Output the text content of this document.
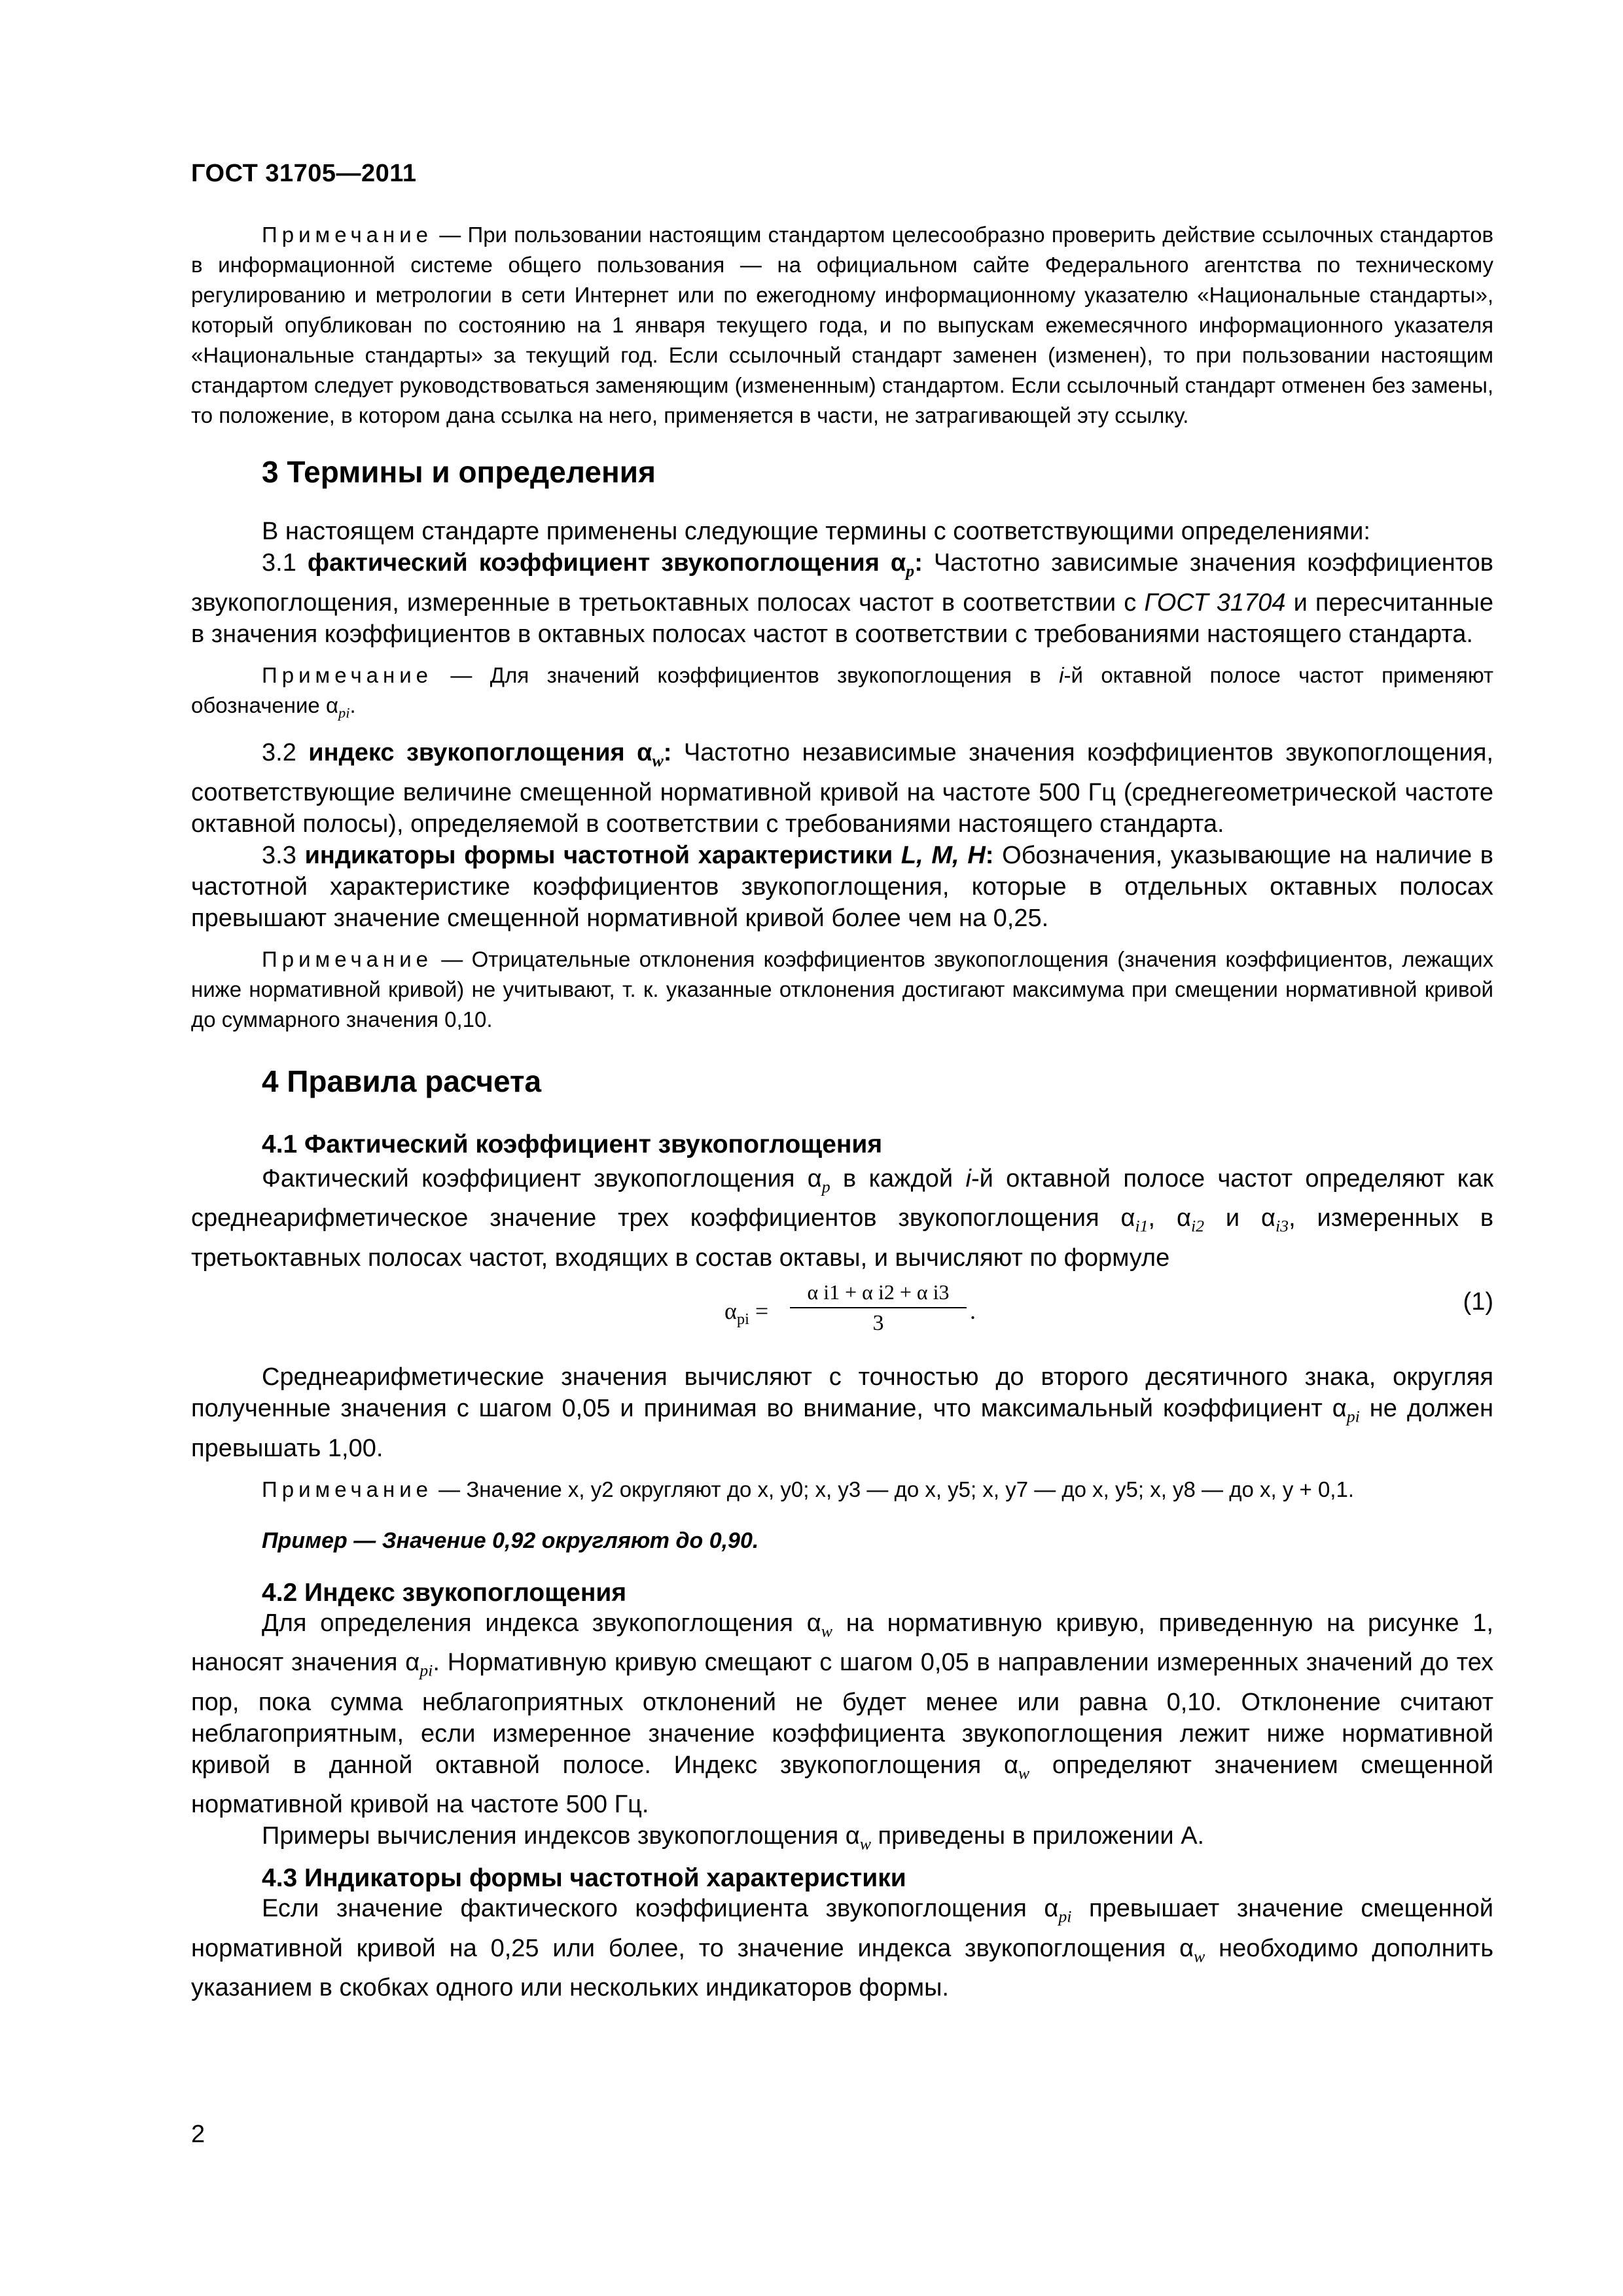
ГОСТ 31705—2011

Примечание — При пользовании настоящим стандартом целесообразно проверить действие ссылочных стандартов в информационной системе общего пользования — на официальном сайте Федерального агентства по техническому регулированию и метрологии в сети Интернет или по ежегодному информационному указателю «Национальные стандарты», который опубликован по состоянию на 1 января текущего года, и по выпускам ежемесячного информационного указателя «Национальные стандарты» за текущий год. Если ссылочный стандарт заменен (изменен), то при пользовании настоящим стандартом следует руководствоваться заменяющим (измененным) стандартом. Если ссылочный стандарт отменен без замены, то положение, в котором дана ссылка на него, применяется в части, не затрагивающей эту ссылку.

3 Термины и определения

В настоящем стандарте применены следующие термины с соответствующими определениями:

3.1 фактический коэффициент звукопоглощения $\alpha_p$: Частотно зависимые значения коэффициентов звукопоглощения, измеренные в третьоктавных полосах частот в соответствии с ГОСТ 31704 и пересчитанные в значения коэффициентов в октавных полосах частот в соответствии с требованиями настоящего стандарта.

Примечание — Для значений коэффициентов звукопоглощения в i-й октавной полосе частот применяют обозначение $\alpha_{pi}$.

3.2 индекс звукопоглощения $\alpha_w$: Частотно независимые значения коэффициентов звукопоглощения, соответствующие величине смещенной нормативной кривой на частоте 500 Гц (среднегеометрической частоте октавной полосы), определяемой в соответствии с требованиями настоящего стандарта.

3.3 индикаторы формы частотной характеристики L, M, H: Обозначения, указывающие на наличие в частотной характеристике коэффициентов звукопоглощения, которые в отдельных октавных полосах превышают значение смещенной нормативной кривой более чем на 0,25.

Примечание — Отрицательные отклонения коэффициентов звукопоглощения (значения коэффициентов, лежащих ниже нормативной кривой) не учитывают, т. к. указанные отклонения достигают максимума при смещении нормативной кривой до суммарного значения 0,10.

4 Правила расчета
4.1 Фактический коэффициент звукопоглощения

Фактический коэффициент звукопоглощения $\alpha_p$ в каждой i-й октавной полосе частот определяют как среднеарифметическое значение трех коэффициентов звукопоглощения $\alpha_{i1}$, $\alpha_{i2}$ и $\alpha_{i3}$, измеренных в третьоктавных полосах частот, входящих в состав октавы, и вычисляют по формуле

$\alpha_{pi}$ =
α i1 + α i2 + α i3
3	.	(1)

Среднеарифметические значения вычисляют с точностью до второго десятичного знака, округляя полученные значения с шагом 0,05 и принимая во внимание, что максимальный коэффициент $\alpha_{pi}$ не должен превышать 1,00.

Примечание — Значение x, y2 округляют до x, y0; x, y3 — до x, y5; x, y7 — до x, y5; x, y8 — до x, y + 0,1.

Пример — Значение 0,92 округляют до 0,90.

4.2 Индекс звукопоглощения

Для определения индекса звукопоглощения $\alpha_w$ на нормативную кривую, приведенную на рисунке 1, наносят значения $\alpha_{pi}$. Нормативную кривую смещают с шагом 0,05 в направлении измеренных значений до тех пор, пока сумма неблагоприятных отклонений не будет менее или равна 0,10. Отклонение считают неблагоприятным, если измеренное значение коэффициента звукопоглощения лежит ниже нормативной кривой в данной октавной полосе. Индекс звукопоглощения $\alpha_w$ определяют значением смещенной нормативной кривой на частоте 500 Гц.

Примеры вычисления индексов звукопоглощения $\alpha_w$ приведены в приложении А.

4.3 Индикаторы формы частотной характеристики

Если значение фактического коэффициента звукопоглощения $\alpha_{pi}$ превышает значение смещенной нормативной кривой на 0,25 или более, то значение индекса звукопоглощения $\alpha_w$ необходимо дополнить указанием в скобках одного или нескольких индикаторов формы.

2
